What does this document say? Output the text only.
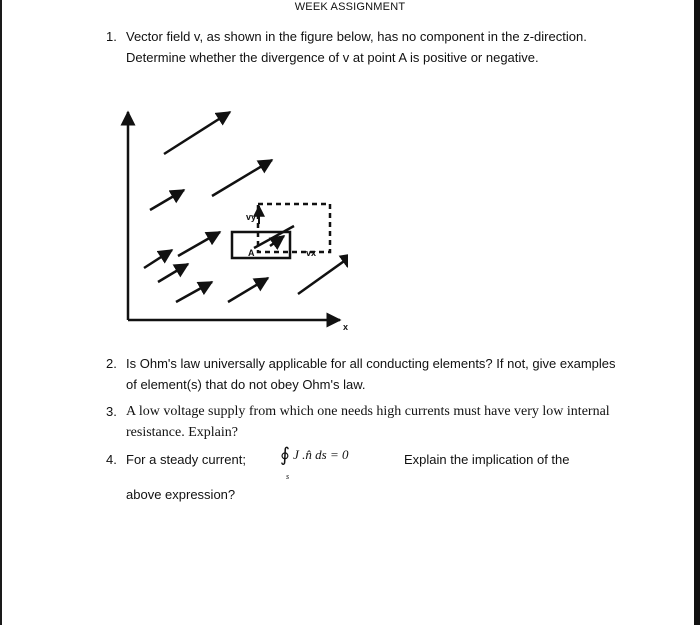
WEEK ASSIGNMENT
1. Vector field v, as shown in the figure below, has no component in the z-direction. Determine whether the divergence of v at point A is positive or negative.
A
vy
vx
x
2. Is Ohm's law universally applicable for all conducting elements? If not, give examples of element(s) that do not obey Ohm's law.
3. A low voltage supply from which one needs high currents must have very low internal resistance. Explain?
4. For a steady current; ∮ J .n̂ ds = 0
s
Explain the implication of the
above expression?
